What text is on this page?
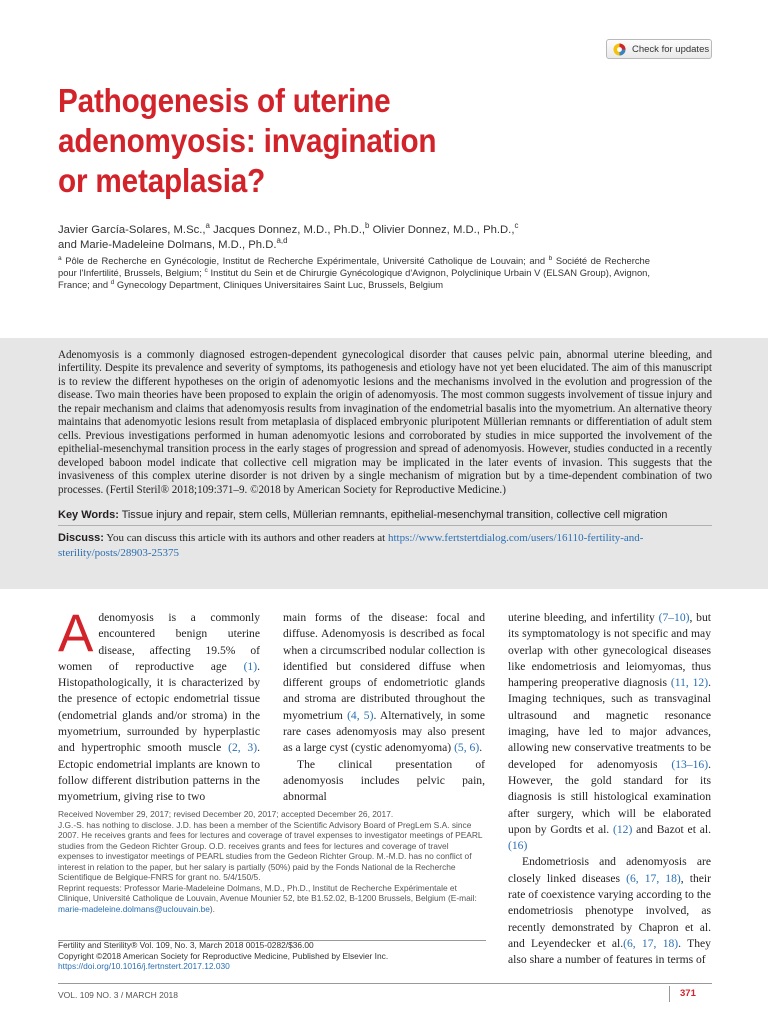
Check for updates
Pathogenesis of uterine
adenomyosis: invagination
or metaplasia?
Javier García-Solares, M.Sc.,$^a$ Jacques Donnez, M.D., Ph.D.,$^b$ Olivier Donnez, M.D., Ph.D.,$^c$
and Marie-Madeleine Dolmans, M.D., Ph.D.$^{a,d}$
$^a$ Pôle de Recherche en Gynécologie, Institut de Recherche Expérimentale, Université Catholique de Louvain; and $^b$ Société de Recherche pour l'Infertilité, Brussels, Belgium; $^c$ Institut du Sein et de Chirurgie Gynécologique d'Avignon, Polyclinique Urbain V (ELSAN Group), Avignon, France; and $^d$ Gynecology Department, Cliniques Universitaires Saint Luc, Brussels, Belgium

Adenomyosis is a commonly diagnosed estrogen-dependent gynecological disorder that causes pelvic pain, abnormal uterine bleeding, and infertility. Despite its prevalence and severity of symptoms, its pathogenesis and etiology have not yet been elucidated. The aim of this manuscript is to review the different hypotheses on the origin of adenomyotic lesions and the mechanisms involved in the evolution and progression of the disease. Two main theories have been proposed to explain the origin of adenomyosis. The most common suggests involvement of tissue injury and the repair mechanism and claims that adenomyosis results from invagination of the endometrial basalis into the myometrium. An alternative theory maintains that adenomyotic lesions result from metaplasia of displaced embryonic pluripotent Müllerian remnants or differentiation of adult stem cells. Previous investigations performed in human adenomyotic lesions and corroborated by studies in mice supported the involvement of the epithelial-mesenchymal transition process in the early stages of progression and spread of adenomyosis. However, studies conducted in a recently developed baboon model indicate that collective cell migration may be implicated in the later events of invasion. This suggests that the invasiveness of this complex uterine disorder is not driven by a single mechanism of migration but by a time-dependent combination of two processes. (Fertil Steril® 2018;109:371–9. ©2018 by American Society for Reproductive Medicine.)

Key Words: Tissue injury and repair, stem cells, Müllerian remnants, epithelial-mesenchymal transition, collective cell migration
Discuss: You can discuss this article with its authors and other readers at https://www.fertstertdialog.com/users/16110-fertility-and-sterility/posts/28903-25375

Adenomyosis is a commonly encountered benign uterine disease, affecting 19.5% of women of reproductive age (1). Histopathologically, it is characterized by the presence of ectopic endometrial tissue (endometrial glands and/or stroma) in the myometrium, surrounded by hyperplastic and hypertrophic smooth muscle (2, 3). Ectopic endometrial implants are known to follow different distribution patterns in the myometrium, giving rise to two

main forms of the disease: focal and diffuse. Adenomyosis is described as focal when a circumscribed nodular collection is identified but considered diffuse when different groups of endometriotic glands and stroma are distributed throughout the myometrium (4, 5). Alternatively, in some rare cases adenomyosis may also present as a large cyst (cystic adenomyoma) (5, 6).

The clinical presentation of adenomyosis includes pelvic pain, abnormal

uterine bleeding, and infertility (7–10), but its symptomatology is not specific and may overlap with other gynecological diseases like endometriosis and leiomyomas, thus hampering preoperative diagnosis (11, 12). Imaging techniques, such as transvaginal ultrasound and magnetic resonance imaging, have led to major advances, allowing new conservative treatments to be developed for adenomyosis (13–16). However, the gold standard for its diagnosis is still histological examination after surgery, which will be elaborated upon by Gordts et al. (12) and Bazot et al. (16)

Endometriosis and adenomyosis are closely linked diseases (6, 17, 18), their rate of coexistence varying according to the endometriosis phenotype involved, as recently demonstrated by Chapron et al. and Leyendecker et al.(6, 17, 18). They also share a number of features in terms of

Received November 29, 2017; revised December 20, 2017; accepted December 26, 2017.
J.G.-S. has nothing to disclose. J.D. has been a member of the Scientific Advisory Board of PregLem S.A. since 2007. He receives grants and fees for lectures and coverage of travel expenses to investigator meetings of PEARL studies from the Gedeon Richter Group. O.D. receives grants and fees for lectures and coverage of travel expenses to investigator meetings of PEARL studies from the Gedeon Richter Group. M.-M.D. has no conflict of interest in relation to the paper, but her salary is partially (50%) paid by the Fonds National de la Recherche Scientifique de Belgique-FNRS for grant no. 5/4/150/5.
Reprint requests: Professor Marie-Madeleine Dolmans, M.D., Ph.D., Institut de Recherche Expérimentale et Clinique, Université Catholique de Louvain, Avenue Mounier 52, bte B1.52.02, B-1200 Brussels, Belgium (E-mail: marie-madeleine.dolmans@uclouvain.be).
Fertility and Sterility® Vol. 109, No. 3, March 2018 0015-0282/$36.00
Copyright ©2018 American Society for Reproductive Medicine, Published by Elsevier Inc.
https://doi.org/10.1016/j.fertnstert.2017.12.030
VOL. 109 NO. 3 / MARCH 2018	371
